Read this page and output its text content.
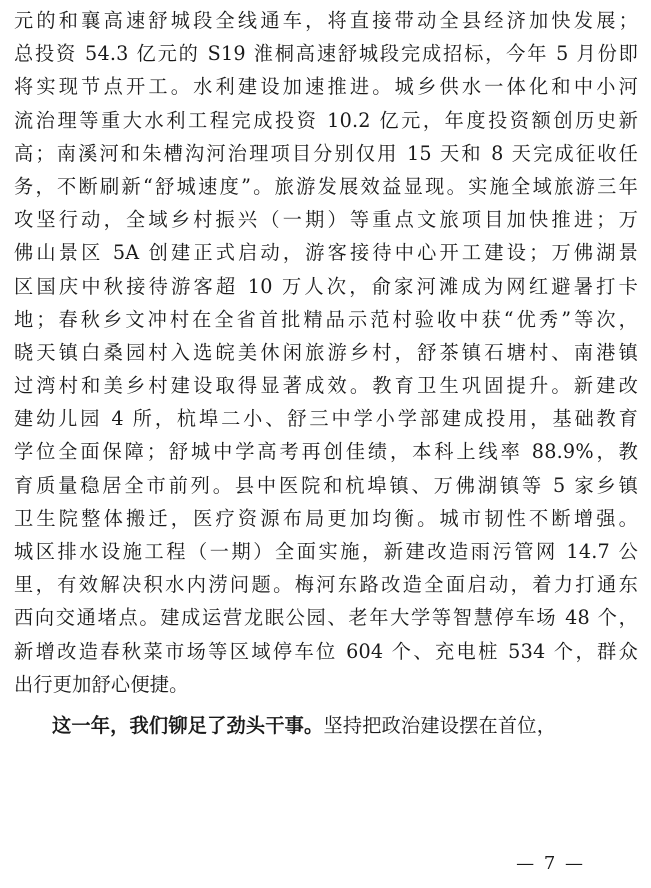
元的和襄高速舒城段全线通车，将直接带动全县经济加快发展；
总投资 54.3 亿元的 S19 淮桐高速舒城段完成招标，今年 5 月份即
将实现节点开工。水利建设加速推进。城乡供水一体化和中小河
流治理等重大水利工程完成投资 10.2 亿元，年度投资额创历史新
高；南溪河和朱槽沟河治理项目分别仅用 15 天和 8 天完成征收任
务，不断刷新“舒城速度”。旅游发展效益显现。实施全域旅游三年
攻坚行动，全域乡村振兴（一期）等重点文旅项目加快推进；万
佛山景区 5A 创建正式启动，游客接待中心开工建设；万佛湖景
区国庆中秋接待游客超 10 万人次，俞家河滩成为网红避暑打卡
地；春秋乡文冲村在全省首批精品示范村验收中获“优秀”等次，
晓天镇白桑园村入选皖美休闲旅游乡村，舒茶镇石塘村、南港镇
过湾村和美乡村建设取得显著成效。教育卫生巩固提升。新建改
建幼儿园 4 所，杭埠二小、舒三中学小学部建成投用，基础教育
学位全面保障；舒城中学高考再创佳绩，本科上线率 88.9%，教
育质量稳居全市前列。县中医院和杭埠镇、万佛湖镇等 5 家乡镇
卫生院整体搬迁，医疗资源布局更加均衡。城市韧性不断增强。
城区排水设施工程（一期）全面实施，新建改造雨污管网 14.7 公
里，有效解决积水内涝问题。梅河东路改造全面启动，着力打通东
西向交通堵点。建成运营龙眠公园、老年大学等智慧停车场 48 个，
新增改造春秋菜市场等区域停车位 604 个、充电桩 534 个，群众
出行更加舒心便捷。
这一年，我们铆足了劲头干事。坚持把政治建设摆在首位，
— 7 —
